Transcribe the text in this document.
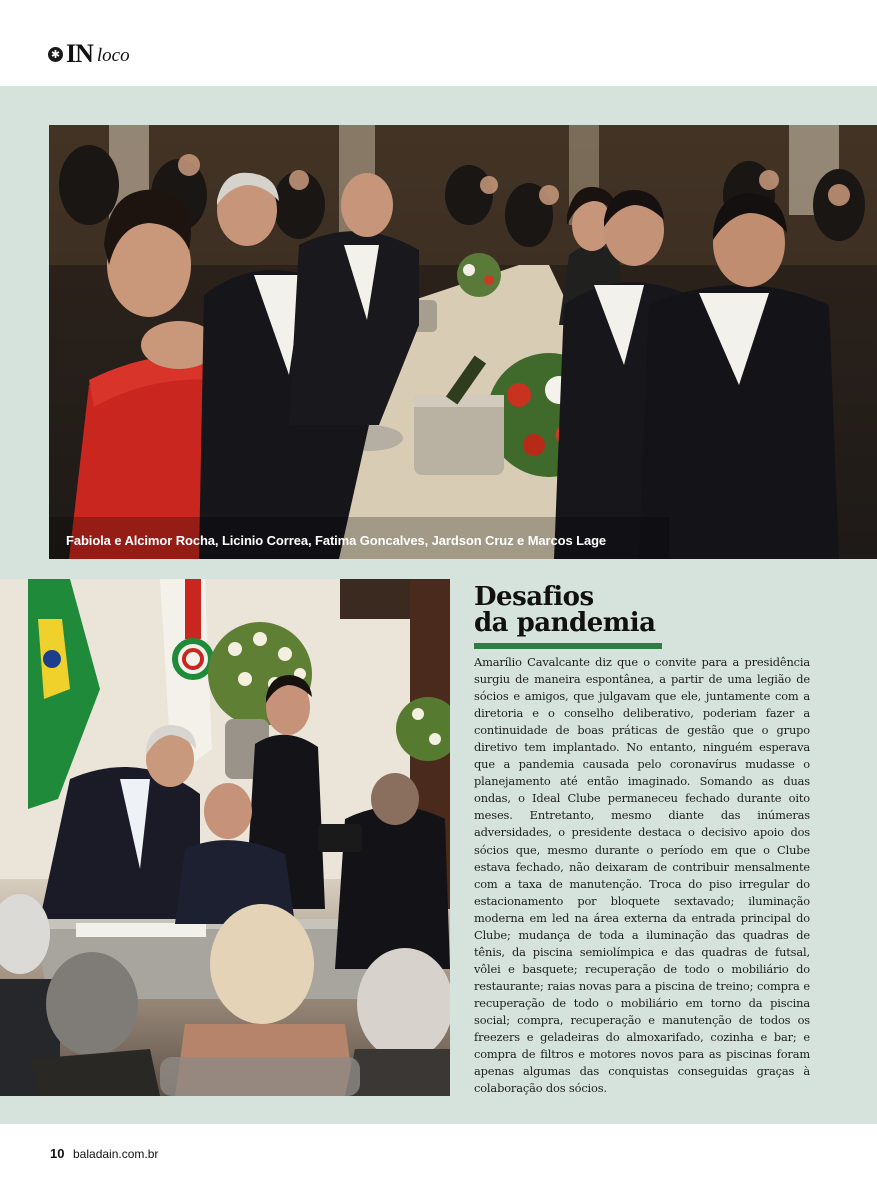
✱ IN loco
Fabiola e Alcimor Rocha, Licinio Correa, Fatima Goncalves, Jardson Cruz e Marcos Lage
Desafios
da pandemia

Amarílio Cavalcante diz que o convite para a presidência surgiu de maneira espontânea, a partir de uma legião de sócios e amigos, que julgavam que ele, juntamente com a diretoria e o conselho deliberativo, poderiam fazer a continuidade de boas práticas de gestão que o grupo diretivo tem implantado. No entanto, ninguém esperava que a pandemia causada pelo coronavírus mudasse o planejamento até então imaginado. Somando as duas ondas, o Ideal Clube permaneceu fechado durante oito meses. Entretanto, mesmo diante das inúmeras adversidades, o presidente destaca o decisivo apoio dos sócios que, mesmo durante o período em que o Clube estava fechado, não deixaram de contribuir mensalmente com a taxa de manutenção. Troca do piso irregular do estacionamento por bloquete sextavado; iluminação moderna em led na área externa da entrada principal do Clube; mudança de toda a iluminação das quadras de tênis, da piscina semiolímpica e das quadras de futsal, vôlei e basquete; recuperação de todo o mobiliário do restaurante; raias novas para a piscina de treino; compra e recuperação de todo o mobiliário em torno da piscina social; compra, recuperação e manutenção de todos os freezers e geladeiras do almoxarifado, cozinha e bar; e compra de filtros e motores novos para as piscinas foram apenas algumas das conquistas conseguidas graças à colaboração dos sócios.

10 baladain.com.br
